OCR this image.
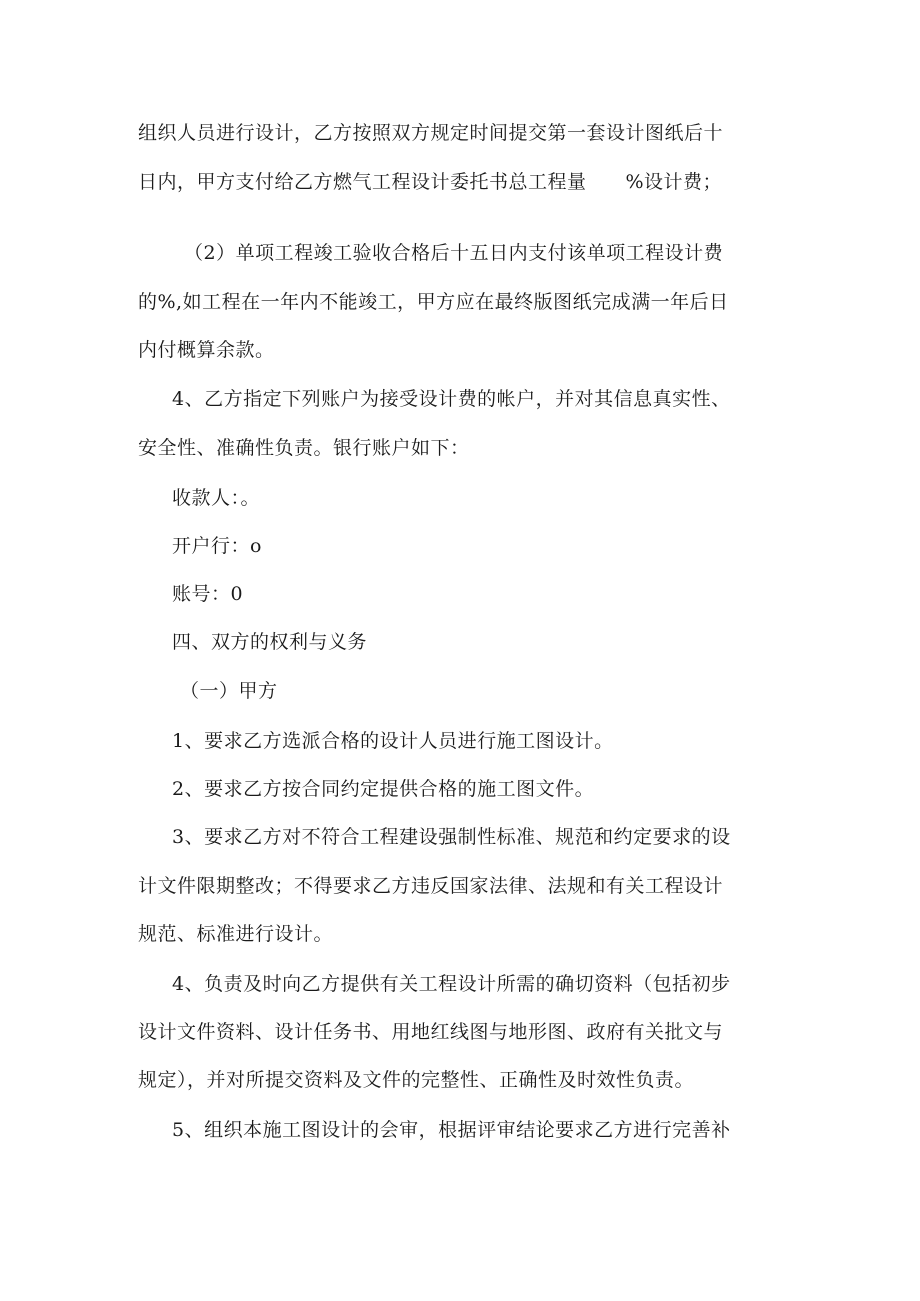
组织人员进行设计，乙方按照双方规定时间提交第一套设计图纸后十
日内，甲方支付给乙方燃气工程设计委托书总工程量　　%设计费；
（2）单项工程竣工验收合格后十五日内支付该单项工程设计费
的%,如工程在一年内不能竣工，甲方应在最终版图纸完成满一年后日
内付概算余款。
4、乙方指定下列账户为接受设计费的帐户，并对其信息真实性、
安全性、准确性负责。银行账户如下：
收款人：。
开户行：o
账号：0
四、双方的权利与义务
（一）甲方
1、要求乙方选派合格的设计人员进行施工图设计。
2、要求乙方按合同约定提供合格的施工图文件。
3、要求乙方对不符合工程建设强制性标准、规范和约定要求的设
计文件限期整改；不得要求乙方违反国家法律、法规和有关工程设计
规范、标准进行设计。
4、负责及时向乙方提供有关工程设计所需的确切资料（包括初步
设计文件资料、设计任务书、用地红线图与地形图、政府有关批文与
规定），并对所提交资料及文件的完整性、正确性及时效性负责。
5、组织本施工图设计的会审，根据评审结论要求乙方进行完善补
